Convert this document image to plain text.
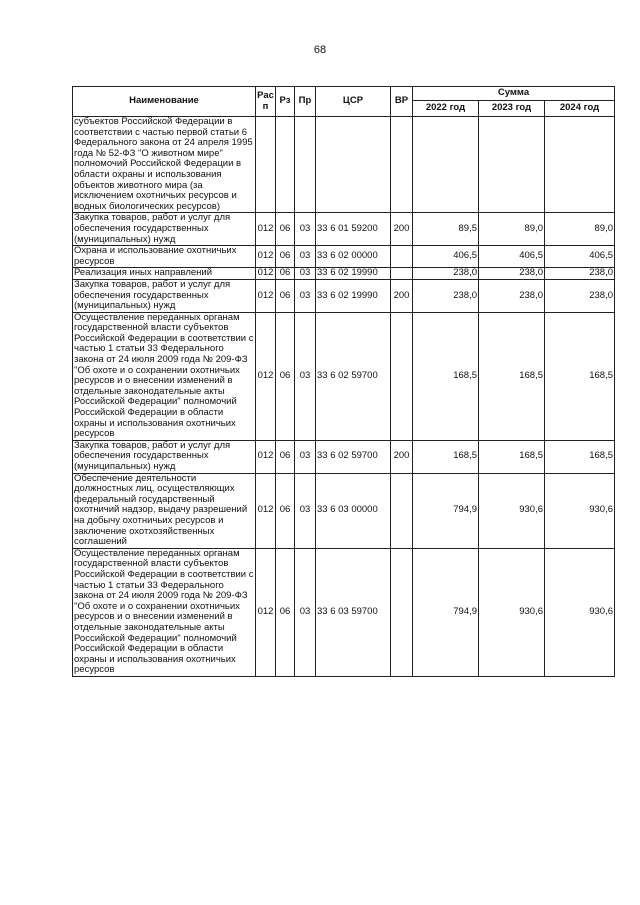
68
Наименование	Рас п	Рз	Пр	ЦСР	ВР	Сумма		
						2022 год	2023 год	2024 год
субъектов Российской Федерации в соответствии с частью первой статьи 6 Федерального закона от 24 апреля 1995 года № 52-ФЗ "О животном мире" полномочий Российской Федерации в области охраны и использования объектов животного мира (за исключением охотничьих ресурсов и водных биологических ресурсов)								
Закупка товаров, работ и услуг для обеспечения государственных (муниципальных) нужд	012	06	03	33 6 01 59200	200	89,5	89,0	89,0
Охрана и использование охотничьих ресурсов	012	06	03	33 6 02 00000		406,5	406,5	406,5
Реализация иных направлений	012	06	03	33 6 02 19990		238,0	238,0	238,0
Закупка товаров, работ и услуг для обеспечения государственных (муниципальных) нужд	012	06	03	33 6 02 19990	200	238,0	238,0	238,0
Осуществление переданных органам государственной власти субъектов Российской Федерации в соответствии с частью 1 статьи 33 Федерального закона от 24 июля 2009 года № 209-ФЗ "Об охоте и о сохранении охотничьих ресурсов и о внесении изменений в отдельные законодательные акты Российской Федерации" полномочий Российской Федерации в области охраны и использования охотничьих ресурсов	012	06	03	33 6 02 59700		168,5	168,5	168,5
Закупка товаров, работ и услуг для обеспечения государственных (муниципальных) нужд	012	06	03	33 6 02 59700	200	168,5	168,5	168,5
Обеспечение деятельности должностных лиц, осуществляющих федеральный государственный охотничий надзор, выдачу разрешений на добычу охотничьих ресурсов и заключение охотхозяйственных соглашений	012	06	03	33 6 03 00000		794,9	930,6	930,6
Осуществление переданных органам государственной власти субъектов Российской Федерации в соответствии с частью 1 статьи 33 Федерального закона от 24 июля 2009 года № 209-ФЗ "Об охоте и о сохранении охотничьих ресурсов и о внесении изменений в отдельные законодательные акты Российской Федерации" полномочий Российской Федерации в области охраны и использования охотничьих ресурсов	012	06	03	33 6 03 59700		794,9	930,6	930,6
